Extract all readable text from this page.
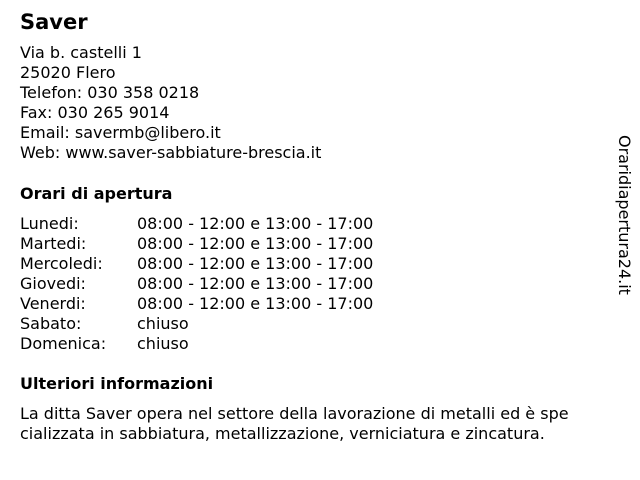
Saver
Via b. castelli 1
25020 Flero
Telefon: 030 358 0218
Fax: 030 265 9014
Email: savermb@libero.it
Web: www.saver-sabbiature-brescia.it
Orari di apertura
Lunedi:	08:00 - 12:00 e 13:00 - 17:00
Martedi:	08:00 - 12:00 e 13:00 - 17:00
Mercoledi: 08:00 - 12:00 e 13:00 - 17:00
Giovedi:	08:00 - 12:00 e 13:00 - 17:00
Venerdi:	08:00 - 12:00 e 13:00 - 17:00
Sabato:	chiuso
Domenica: chiuso
Ulteriori informazioni
La ditta Saver opera nel settore della lavorazione di metalli ed è spe
cializzata in sabbiatura, metallizzazione, verniciatura e zincatura.
Oraridiapertura24.it
